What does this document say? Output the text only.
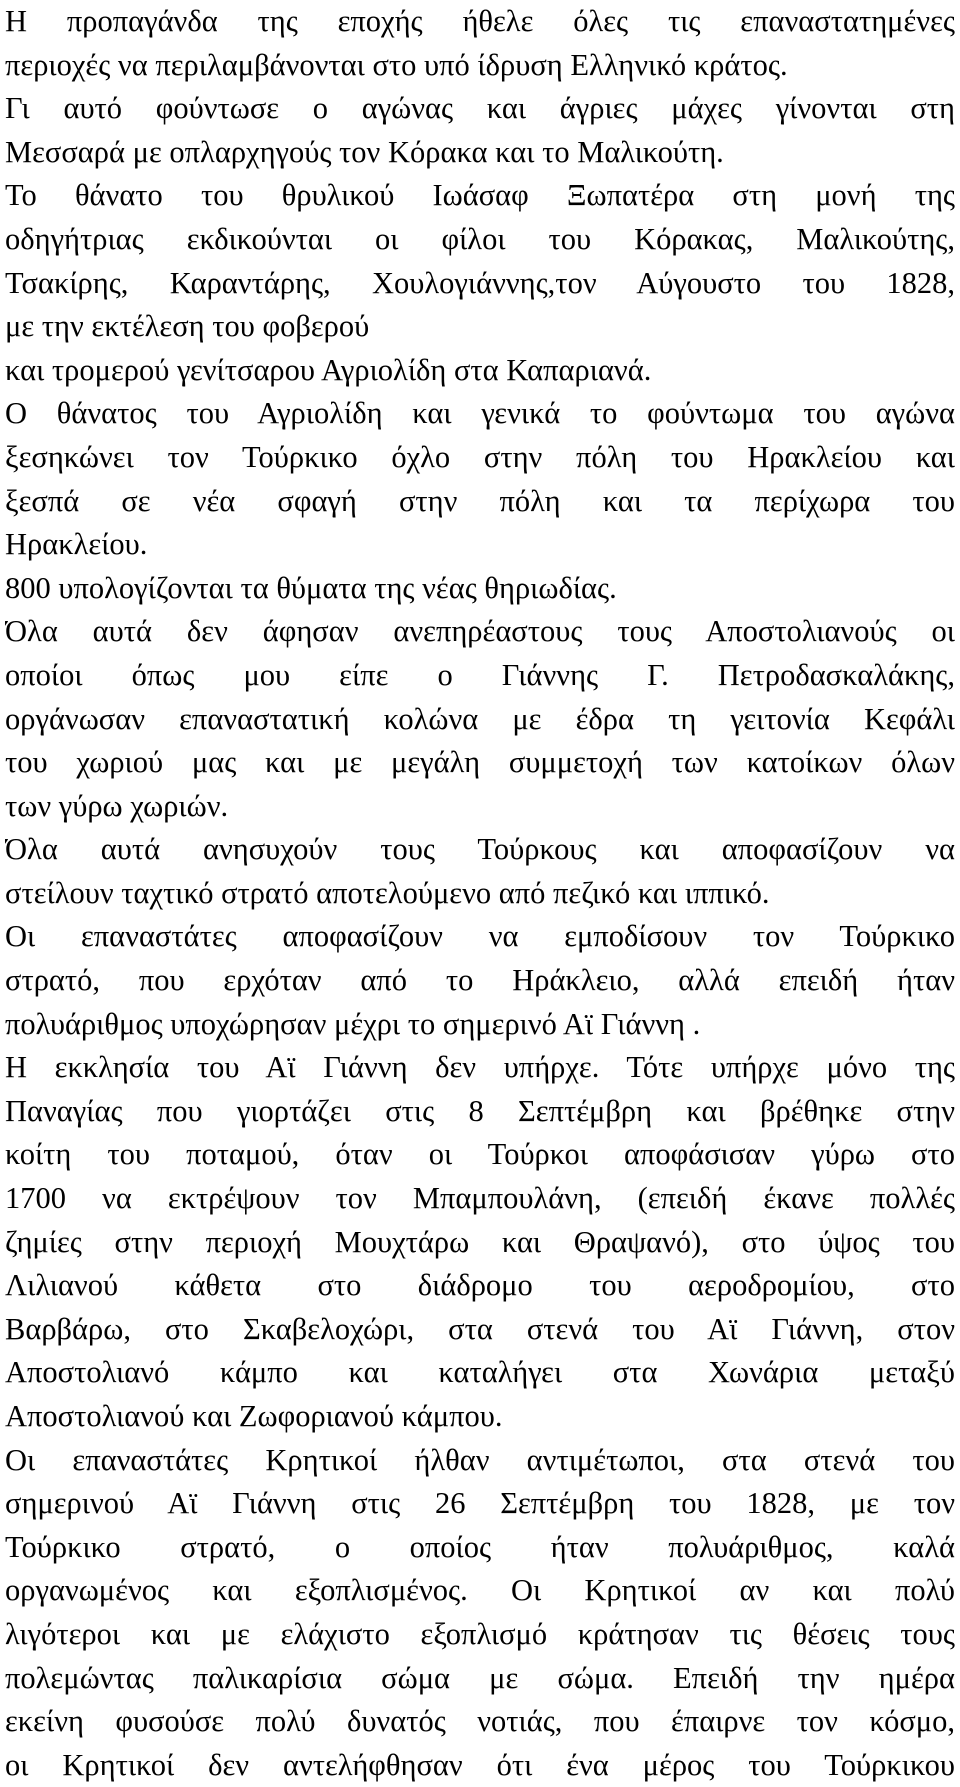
Η προπαγάνδα της εποχής ήθελε όλες τις επαναστατημένες
περιοχές να περιλαμβάνονται στο υπό ίδρυση Ελληνικό κράτος.
Γι αυτό φούντωσε ο αγώνας και άγριες μάχες γίνονται στη
Μεσσαρά με οπλαρχηγούς τον Κόρακα και το Μαλικούτη.
Το θάνατο του θρυλικού Ιωάσαφ Ξωπατέρα στη μονή της
οδηγήτριας εκδικούνται οι φίλοι του Κόρακας, Μαλικούτης,
Τσακίρης, Καραντάρης, Χουλογιάννης,τον Αύγουστο του 1828,
με την εκτέλεση του φοβερού
και τρομερού γενίτσαρου Αγριολίδη στα Καπαριανά.
Ο θάνατος του Αγριολίδη και γενικά το φούντωμα του αγώνα
ξεσηκώνει τον Τούρκικο όχλο στην πόλη του Ηρακλείου και
ξεσπά σε νέα σφαγή στην πόλη και τα περίχωρα του
Ηρακλείου.
800 υπολογίζονται τα θύματα της νέας θηριωδίας.
Όλα αυτά δεν άφησαν ανεπηρέαστους τους Αποστολιανούς οι
οποίοι όπως μου είπε ο Γιάννης Γ. Πετροδασκαλάκης,
οργάνωσαν επαναστατική κολώνα με έδρα τη γειτονία Κεφάλι
του χωριού μας και με μεγάλη συμμετοχή των κατοίκων όλων
των γύρω χωριών.
Όλα αυτά ανησυχούν τους Τούρκους και αποφασίζουν να
στείλουν ταχτικό στρατό αποτελούμενο από πεζικό και ιππικό.
Οι επαναστάτες αποφασίζουν να εμποδίσουν τον Τούρκικο
στρατό, που ερχόταν από το Ηράκλειο, αλλά επειδή ήταν
πολυάριθμος υποχώρησαν μέχρι το σημερινό Αϊ Γιάννη .
Η εκκλησία του Αϊ Γιάννη δεν υπήρχε. Τότε υπήρχε μόνο της
Παναγίας που γιορτάζει στις 8 Σεπτέμβρη και βρέθηκε στην
κοίτη του ποταμού, όταν οι Τούρκοι αποφάσισαν γύρω στο
1700 να εκτρέψουν τον Μπαμπουλάνη, (επειδή έκανε πολλές
ζημίες στην περιοχή Μουχτάρω και Θραψανό), στο ύψος του
Λιλιανού κάθετα στο διάδρομο του αεροδρομίου, στο
Βαρβάρω, στο Σκαβελοχώρι, στα στενά του Αϊ Γιάννη, στον
Αποστολιανό κάμπο και καταλήγει στα Χωνάρια μεταξύ
Αποστολιανού και Ζωφοριανού κάμπου.
Οι επαναστάτες Κρητικοί ήλθαν αντιμέτωποι, στα στενά του
σημερινού Αϊ Γιάννη στις 26 Σεπτέμβρη του 1828, με τον
Τούρκικο στρατό, ο οποίος ήταν πολυάριθμος, καλά
οργανωμένος και εξοπλισμένος. Οι Κρητικοί αν και πολύ
λιγότεροι και με ελάχιστο εξοπλισμό κράτησαν τις θέσεις τους
πολεμώντας παλικαρίσια σώμα με σώμα. Επειδή την ημέρα
εκείνη φυσούσε πολύ δυνατός νοτιάς, που έπαιρνε τον κόσμο,
οι Κρητικοί δεν αντελήφθησαν ότι ένα μέρος του Τούρκικου
